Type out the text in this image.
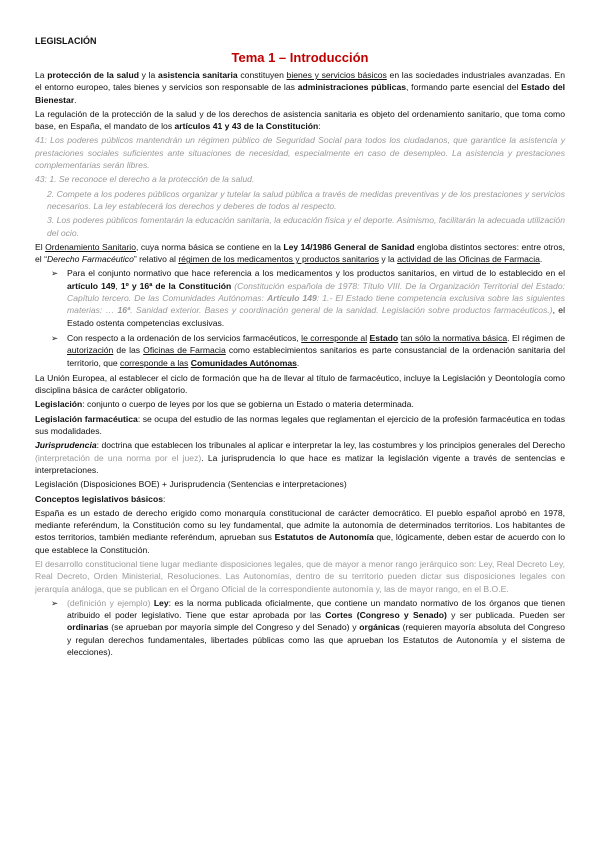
LEGISLACIÓN
Tema 1 – Introducción

La protección de la salud y la asistencia sanitaria constituyen bienes y servicios básicos en las sociedades industriales avanzadas. En el entorno europeo, tales bienes y servicios son responsable de las administraciones públicas, formando parte esencial del Estado del Bienestar.

La regulación de la protección de la salud y de los derechos de asistencia sanitaria es objeto del ordenamiento sanitario, que toma como base, en España, el mandato de los artículos 41 y 43 de la Constitución:

41: Los poderes públicos mantendrán un régimen público de Seguridad Social para todos los ciudadanos, que garantice la asistencia y prestaciones sociales suficientes ante situaciones de necesidad, especialmente en caso de desempleo. La asistencia y prestaciones complementarias serán libres.

43: 1. Se reconoce el derecho a la protección de la salud.

2. Compete a los poderes públicos organizar y tutelar la salud pública a través de medidas preventivas y de los prestaciones y servicios necesarios. La ley establecerá los derechos y deberes de todos al respecto.

3. Los poderes públicos fomentarán la educación sanitaria, la educación física y el deporte. Asimismo, facilitarán la adecuada utilización del ocio.

El Ordenamiento Sanitario, cuya norma básica se contiene en la Ley 14/1986 General de Sanidad engloba distintos sectores: entre otros, el “Derecho Farmacéutico” relativo al régimen de los medicamentos y productos sanitarios y la actividad de las Oficinas de Farmacia.

➢ Para el conjunto normativo que hace referencia a los medicamentos y los productos sanitarios, en virtud de lo establecido en el artículo 149, 1º y 16ª de la Constitución (Constitución española de 1978: Título VIII. De la Organización Territorial del Estado: Capítulo tercero. De las Comunidades Autónomas: Artículo 149: 1.- El Estado tiene competencia exclusiva sobre las siguientes materias: … 16ª. Sanidad exterior. Bases y coordinación general de la sanidad. Legislación sobre productos farmacéuticos.), el Estado ostenta competencias exclusivas.

➢ Con respecto a la ordenación de los servicios farmacéuticos, le corresponde al Estado tan sólo la normativa básica. El régimen de autorización de las Oficinas de Farmacia como establecimientos sanitarios es parte consustancial de la ordenación sanitaria del territorio, que corresponde a las Comunidades Autónomas.

La Unión Europea, al establecer el ciclo de formación que ha de llevar al título de farmacéutico, incluye la Legislación y Deontología como disciplina básica de carácter obligatorio.

Legislación: conjunto o cuerpo de leyes por los que se gobierna un Estado o materia determinada.

Legislación farmacéutica: se ocupa del estudio de las normas legales que reglamentan el ejercicio de la profesión farmacéutica en todas sus modalidades.

Jurisprudencia: doctrina que establecen los tribunales al aplicar e interpretar la ley, las costumbres y los principios generales del Derecho (interpretación de una norma por el juez). La jurisprudencia lo que hace es matizar la legislación vigente a través de sentencias e interpretaciones.

Legislación (Disposiciones BOE) + Jurisprudencia (Sentencias e interpretaciones)

Conceptos legislativos básicos:

España es un estado de derecho erigido como monarquía constitucional de carácter democrático. El pueblo español aprobó en 1978, mediante referéndum, la Constitución como su ley fundamental, que admite la autonomía de determinados territorios. Los habitantes de estos territorios, también mediante referéndum, aprueban sus Estatutos de Autonomía que, lógicamente, deben estar de acuerdo con lo que establece la Constitución.

El desarrollo constitucional tiene lugar mediante disposiciones legales, que de mayor a menor rango jerárquico son: Ley, Real Decreto Ley, Real Decreto, Orden Ministerial, Resoluciones. Las Autonomías, dentro de su territorio pueden dictar sus disposiciones legales con jerarquía análoga, que se publican en el Órgano Oficial de la correspondiente autonomía y, las de mayor rango, en el B.O.E.

➢ (definición y ejemplo) Ley: es la norma publicada oficialmente, que contiene un mandato normativo de los órganos que tienen atribuido el poder legislativo. Tiene que estar aprobada por las Cortes (Congreso y Senado) y ser publicada. Pueden ser ordinarias (se aprueban por mayoría simple del Congreso y del Senado) y orgánicas (requieren mayoría absoluta del Congreso y regulan derechos fundamentales, libertades públicas como las que aprueban los Estatutos de Autonomía y el sistema de elecciones).
